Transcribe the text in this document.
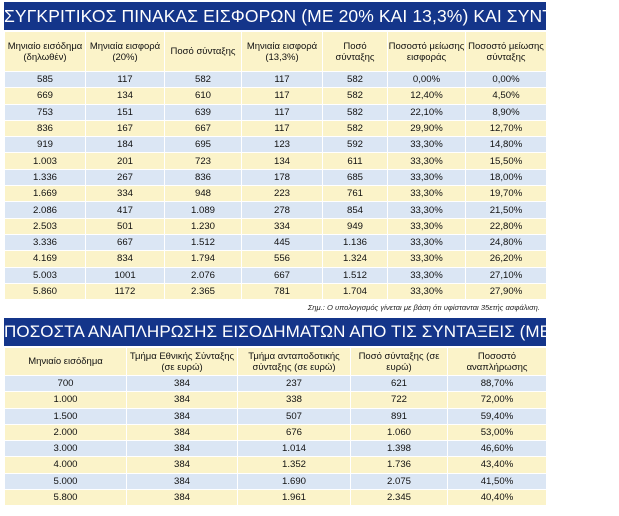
ΣΥΓΚΡΙΤΙΚΟΣ ΠΙΝΑΚΑΣ ΕΙΣΦΟΡΩΝ (ΜΕ 20% ΚΑΙ 13,3%) ΚΑΙ ΣΥΝΤΑΞΕΩΝ
Μηνιαίο εισόδημα (δηλωθέν)	Μηνιαία εισφορά (20%)	Ποσό σύνταξης	Μηνιαία εισφορά (13,3%)	Ποσό σύνταξης	Ποσοστό μείωσης εισφοράς	Ποσοστό μείωσης σύνταξης
585	117	582	117	582	0,00%	0,00%
669	134	610	117	582	12,40%	4,50%
753	151	639	117	582	22,10%	8,90%
836	167	667	117	582	29,90%	12,70%
919	184	695	123	592	33,30%	14,80%
1.003	201	723	134	611	33,30%	15,50%
1.336	267	836	178	685	33,30%	18,00%
1.669	334	948	223	761	33,30%	19,70%
2.086	417	1.089	278	854	33,30%	21,50%
2.503	501	1.230	334	949	33,30%	22,80%
3.336	667	1.512	445	1.136	33,30%	24,80%
4.169	834	1.794	556	1.324	33,30%	26,20%
5.003	1001	2.076	667	1.512	33,30%	27,10%
5.860	1172	2.365	781	1.704	33,30%	27,90%
Σημ.: Ο υπολογισμός γίνεται με βάση ότι υφίστανται 35ετής ασφάλιση.						
ΠΟΣΟΣΤΑ ΑΝΑΠΛΗΡΩΣΗΣ ΕΙΣΟΔΗΜΑΤΩΝ ΑΠΟ ΤΙΣ ΣΥΝΤΑΞΕΙΣ (ΜΕ 35ΕΤΙΑ)
Μηνιαίο εισόδημα	Τμήμα Εθνικής Σύνταξης (σε ευρώ)	Τμήμα ανταποδοτικής σύνταξης (σε ευρώ)	Ποσό σύνταξης (σε ευρώ)	Ποσοστό αναπλήρωσης
700	384	237	621	88,70%
1.000	384	338	722	72,00%
1.500	384	507	891	59,40%
2.000	384	676	1.060	53,00%
3.000	384	1.014	1.398	46,60%
4.000	384	1.352	1.736	43,40%
5.000	384	1.690	2.075	41,50%
5.800	384	1.961	2.345	40,40%
